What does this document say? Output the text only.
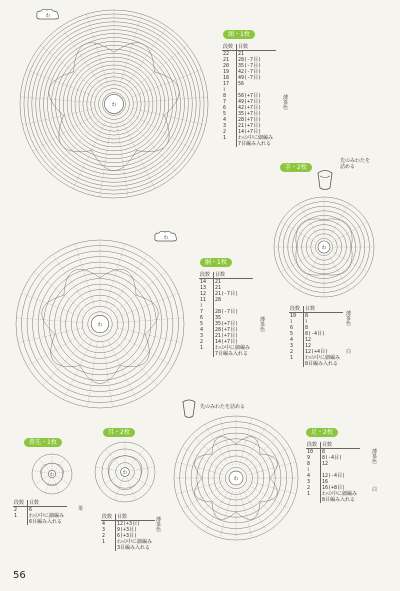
わ
頭・1枚
段数	目数
22	21
21	28(-7目)
20	35(-7目)
19	42(-7目)
18	49(-7目)
17	56
⌇	
8	56(+7目)
7	49(+7目)
6	42(+7目)
5	35(+7目)
4	28(+7目)
3	21(+7目)
2	14(+7目)
1	わの中に細編み
	7目編み入れる
薄茶色
手・2枚
先のみわたを詰める
わ
段数	目数
10	8
⌇	⌇
6	8
5	8(-4目)
4	12
3	12
2	12(+4目)
1	わの中に細編み
	8目編み入れる
薄茶色
白
わ
胴・1枚
段数	目数
14	21
13	21
12	21(-7目)
11	28
⌇	
7	28(-7目)
6	35
5	35(+7目)
4	28(+7目)
3	21(+7目)
2	14(+7目)
1	わの中に細編み
	7目編み入れる
薄茶色
先のみわたを詰める
鼻先・1枚
わ
段数	目数
2	6
1	わの中に細編み
	6目編み入れる
茶
耳・2枚
わ
段数	目数
4	12(+3目)
3	9(+3目)
2	6(+3目)
1	わの中に細編み
	3目編み入れる
薄茶色
足・2枚
わ
段数	目数
10	8
9	8(-4目)
8	12
⌇	
4	12(-4目)
3	16
2	16(+8目)
1	わの中に細編み
	8目編み入れる
薄茶色
白
わ
わ
56
